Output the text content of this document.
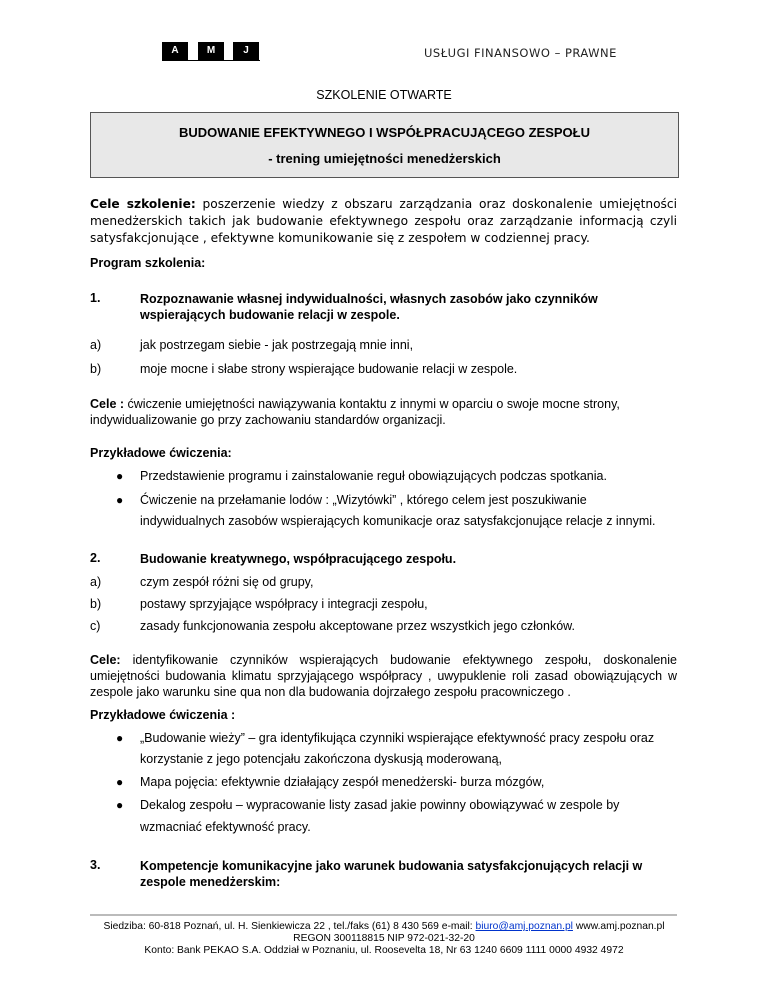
A	M	J	USŁUGI FINANSOWO – PRAWNE
SZKOLENIE OTWARTE
BUDOWANIE EFEKTYWNEGO I WSPÓŁPRACUJĄCEGO ZESPOŁU
- trening umiejętności menedżerskich
Cele szkolenie: poszerzenie wiedzy z obszaru zarządzania oraz doskonalenie umiejętności menedżerskich takich jak budowanie efektywnego zespołu oraz zarządzanie informacją czyli satysfakcjonujące , efektywne komunikowanie się z zespołem w codziennej pracy.
Program szkolenia:
1.	Rozpoznawanie własnej indywidualności, własnych zasobów jako czynników wspierających budowanie relacji w zespole.
a)	jak postrzegam siebie - jak postrzegają mnie inni,
b)	moje mocne i słabe strony wspierające budowanie relacji w zespole.
Cele : ćwiczenie umiejętności nawiązywania kontaktu z innymi w oparciu o swoje mocne strony, indywidualizowanie go przy zachowaniu standardów organizacji.
Przykładowe ćwiczenia:
● Przedstawienie programu i zainstalowanie reguł obowiązujących podczas spotkania.
● Ćwiczenie na przełamanie lodów : „Wizytówki” , którego celem jest poszukiwanie
indywidualnych zasobów wspierających komunikacje oraz satysfakcjonujące relacje z innymi.
2.	Budowanie kreatywnego, współpracującego zespołu.
a)	czym zespół różni się od grupy,
b)	postawy sprzyjające współpracy i integracji zespołu,
c)	zasady funkcjonowania zespołu akceptowane przez wszystkich jego członków.
Cele: identyfikowanie czynników wspierających budowanie efektywnego zespołu, doskonalenie umiejętności budowania klimatu sprzyjającego współpracy , uwypuklenie roli zasad obowiązujących w zespole jako warunku sine qua non dla budowania dojrzałego zespołu pracowniczego .
Przykładowe ćwiczenia :
● „Budowanie wieży” – gra identyfikująca czynniki wspierające efektywność pracy zespołu oraz
korzystanie z jego potencjału zakończona dyskusją moderowaną,
● Mapa pojęcia: efektywnie działający zespół menedżerski- burza mózgów,
● Dekalog zespołu – wypracowanie listy zasad jakie powinny obowiązywać w zespole by
wzmacniać efektywność pracy.
3.	Kompetencje komunikacyjne jako warunek budowania satysfakcjonujących relacji w zespole menedżerskim:
Siedziba: 60-818 Poznań, ul. H. Sienkiewicza 22 , tel./faks (61) 8 430 569 e-mail: biuro@amj.poznan.pl www.amj.poznan.pl
REGON 300118815 NIP 972-021-32-20
Konto: Bank PEKAO S.A. Oddział w Poznaniu, ul. Roosevelta 18, Nr 63 1240 6609 1111 0000 4932 4972
